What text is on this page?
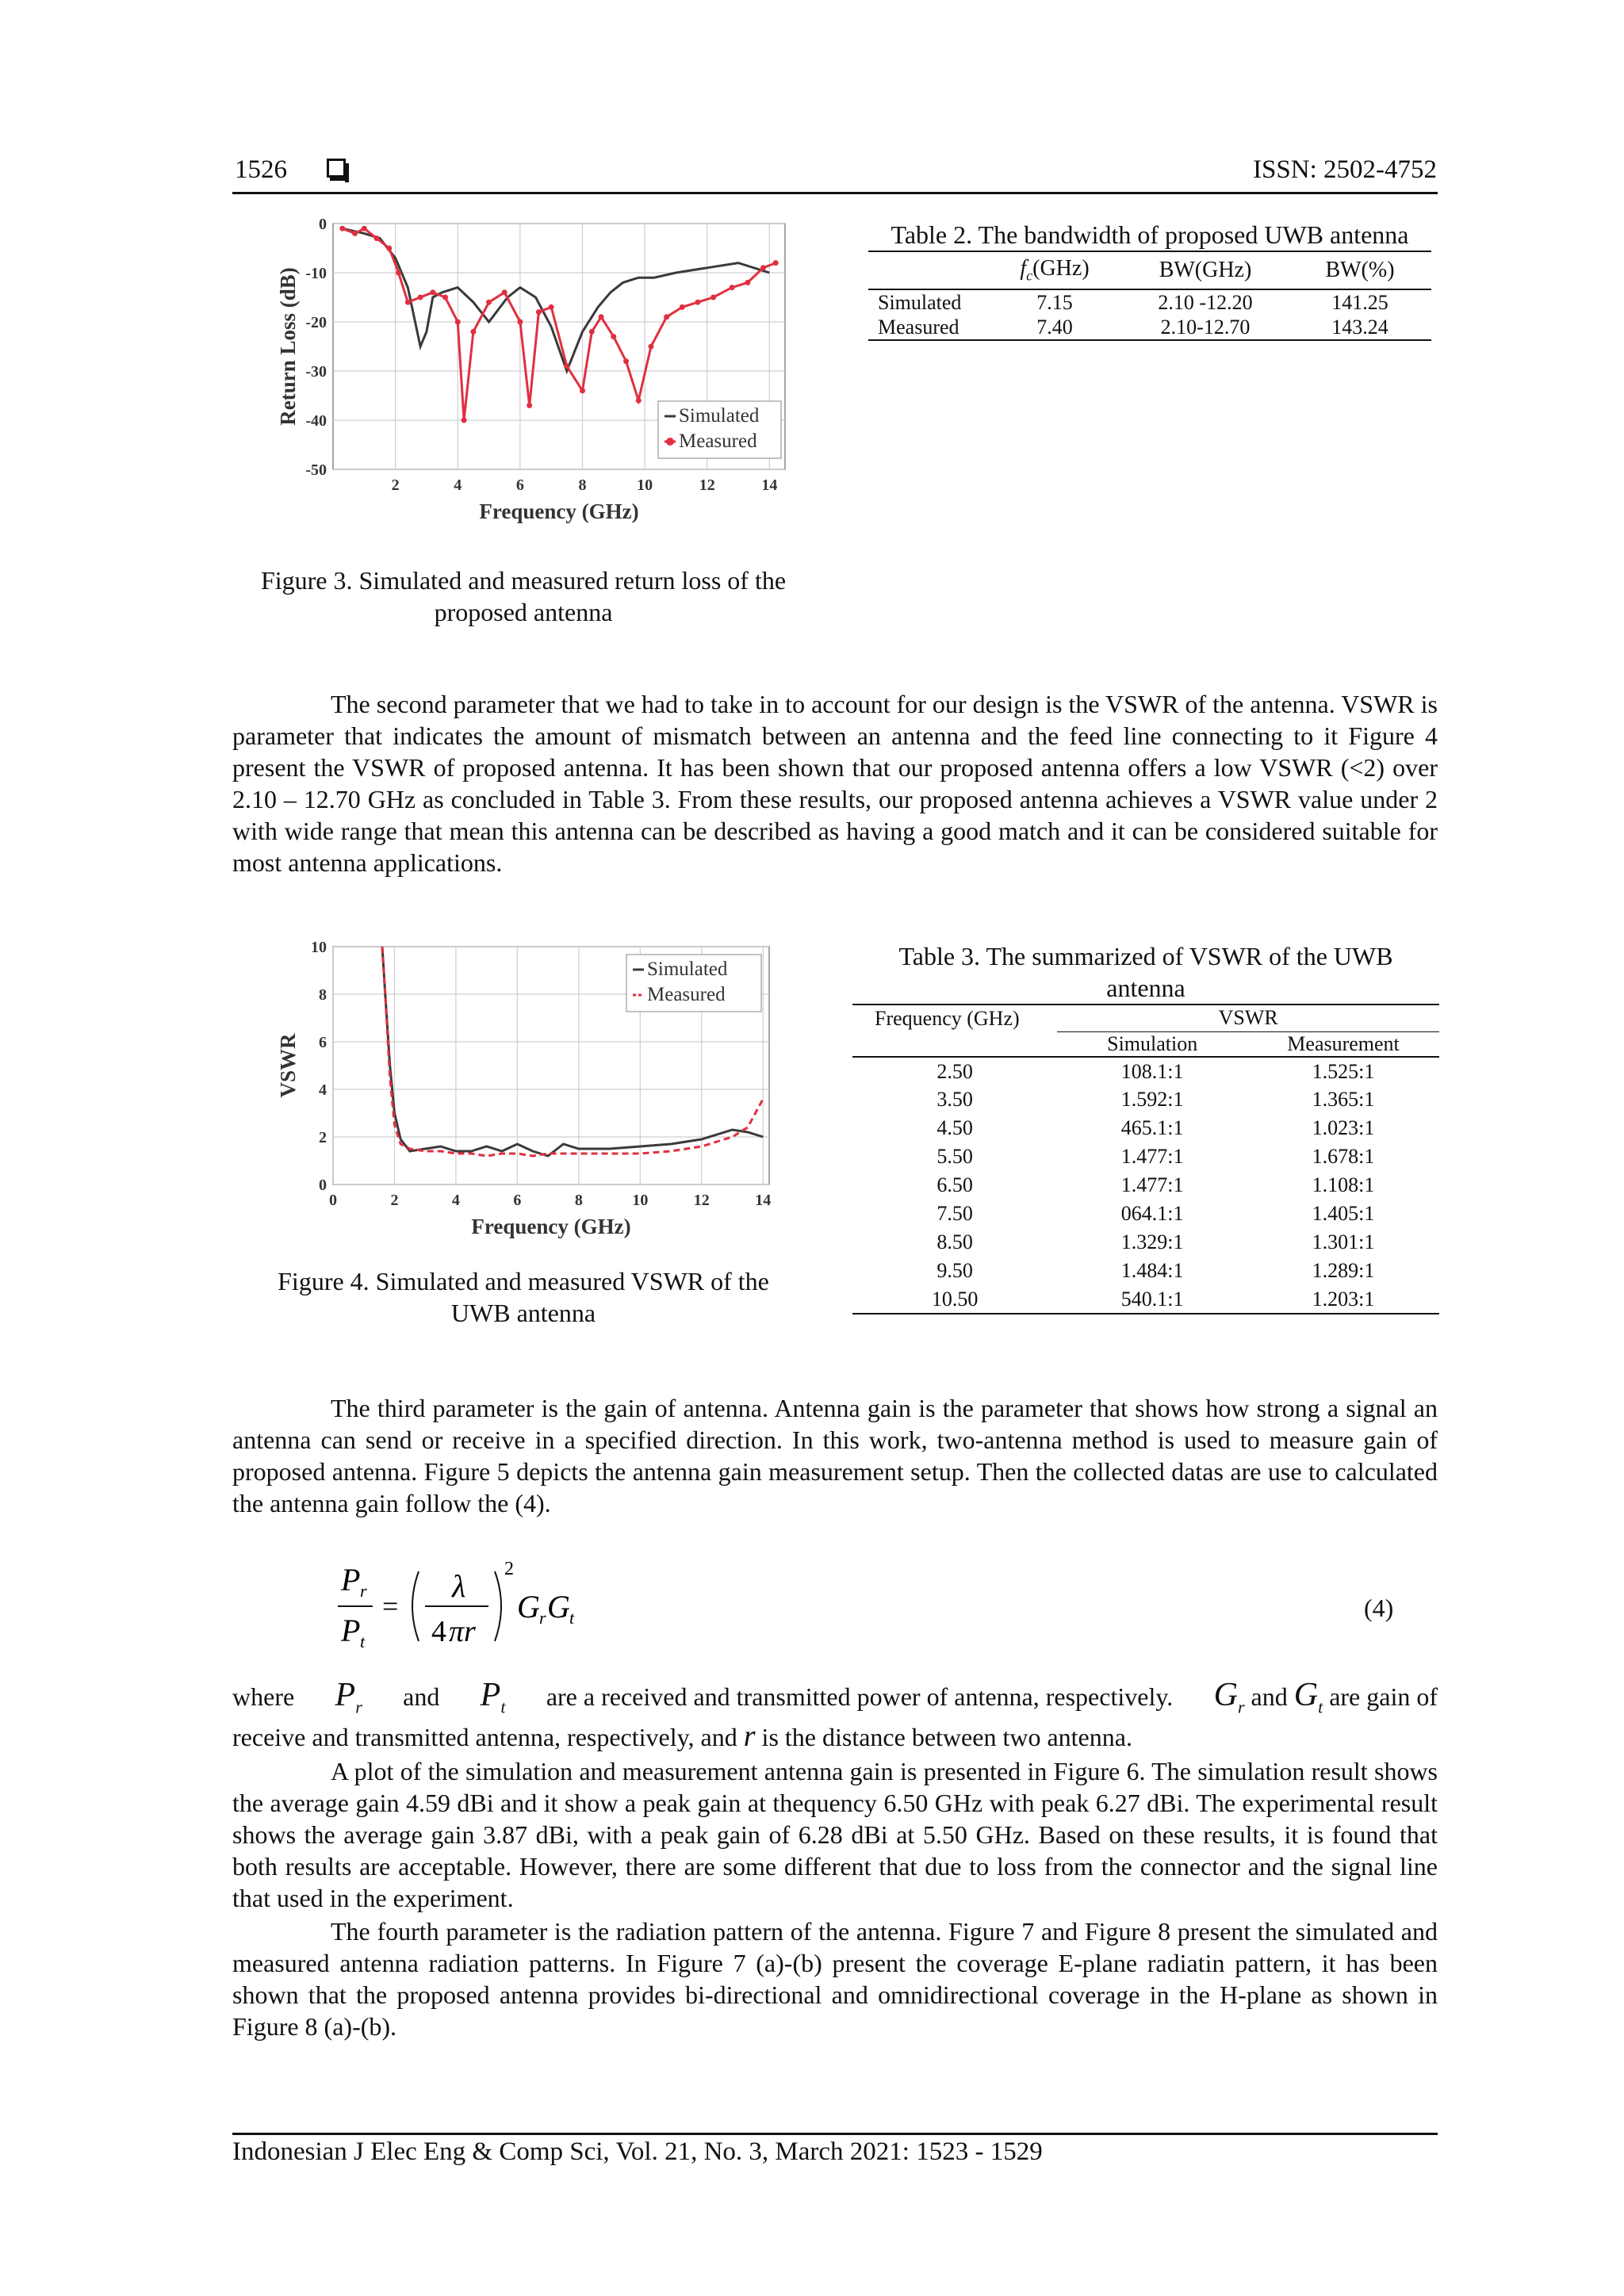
1526	ISSN: 2502-4752
2	4	6	8	10	12	14
0
-10
-20
-30
-40
-50
Frequency (GHz)
Return Loss (dB)	Simulated
Measured
Figure 3. Simulated and measured return loss of the
proposed antenna
Table 2. The bandwidth of proposed UWB antenna
	$f_c(GHz)$	BW(GHz)	BW(%)
Simulated	7.15	2.10 -12.20	141.25
Measured	7.40	2.10-12.70	143.24

The second parameter that we had to take in to account for our design is the VSWR of the antenna. VSWR is parameter that indicates the amount of mismatch between an antenna and the feed line connecting to it Figure 4 present the VSWR of proposed antenna. It has been shown that our proposed antenna offers a low VSWR (<2) over 2.10 – 12.70 GHz as concluded in Table 3. From these results, our proposed antenna achieves a VSWR value under 2 with wide range that mean this antenna can be described as having a good match and it can be considered suitable for most antenna applications.

0	2	4	6	8	10	12	14
0
2
4
6
8
10
Frequency (GHz)
VSWR
Simulated
Measured
Figure 4. Simulated and measured VSWR of the
UWB antenna
Table 3. The summarized of VSWR of the UWB
antenna
Frequency (GHz)	VSWR	
	Simulation	Measurement
2.50	108.1:1	1.525:1
3.50	1.592:1	1.365:1
4.50	465.1:1	1.023:1
5.50	1.477:1	1.678:1
6.50	1.477:1	1.108:1
7.50	064.1:1	1.405:1
8.50	1.329:1	1.301:1
9.50	1.484:1	1.289:1
10.50	540.1:1	1.203:1

The third parameter is the gain of antenna. Antenna gain is the parameter that shows how strong a signal an antenna can send or receive in a specified direction. In this work, two-antenna method is used to measure gain of proposed antenna. Figure 5 depicts the antenna gain measurement setup. Then the collected datas are use to calculated the antenna gain follow the (4).

P r
P t
=
λ
4 πr
2
G r G t	(4)
where $P_r$ and $P_t$ are a received and transmitted power of antenna, respectively. $G_r$ and $G_t$ are gain of
receive and transmitted antenna, respectively, and r is the distance between two antenna.

A plot of the simulation and measurement antenna gain is presented in Figure 6. The simulation result shows the average gain 4.59 dBi and it show a peak gain at thequency 6.50 GHz with peak 6.27 dBi. The experimental result shows the average gain 3.87 dBi, with a peak gain of 6.28 dBi at 5.50 GHz. Based on these results, it is found that both results are acceptable. However, there are some different that due to loss from the connector and the signal line that used in the experiment.

The fourth parameter is the radiation pattern of the antenna. Figure 7 and Figure 8 present the simulated and measured antenna radiation patterns. In Figure 7 (a)-(b) present the coverage E-plane radiatin pattern, it has been shown that the proposed antenna provides bi-directional and omnidirectional coverage in the H-plane as shown in Figure 8 (a)-(b).

Indonesian J Elec Eng & Comp Sci, Vol. 21, No. 3, March 2021: 1523 - 1529
